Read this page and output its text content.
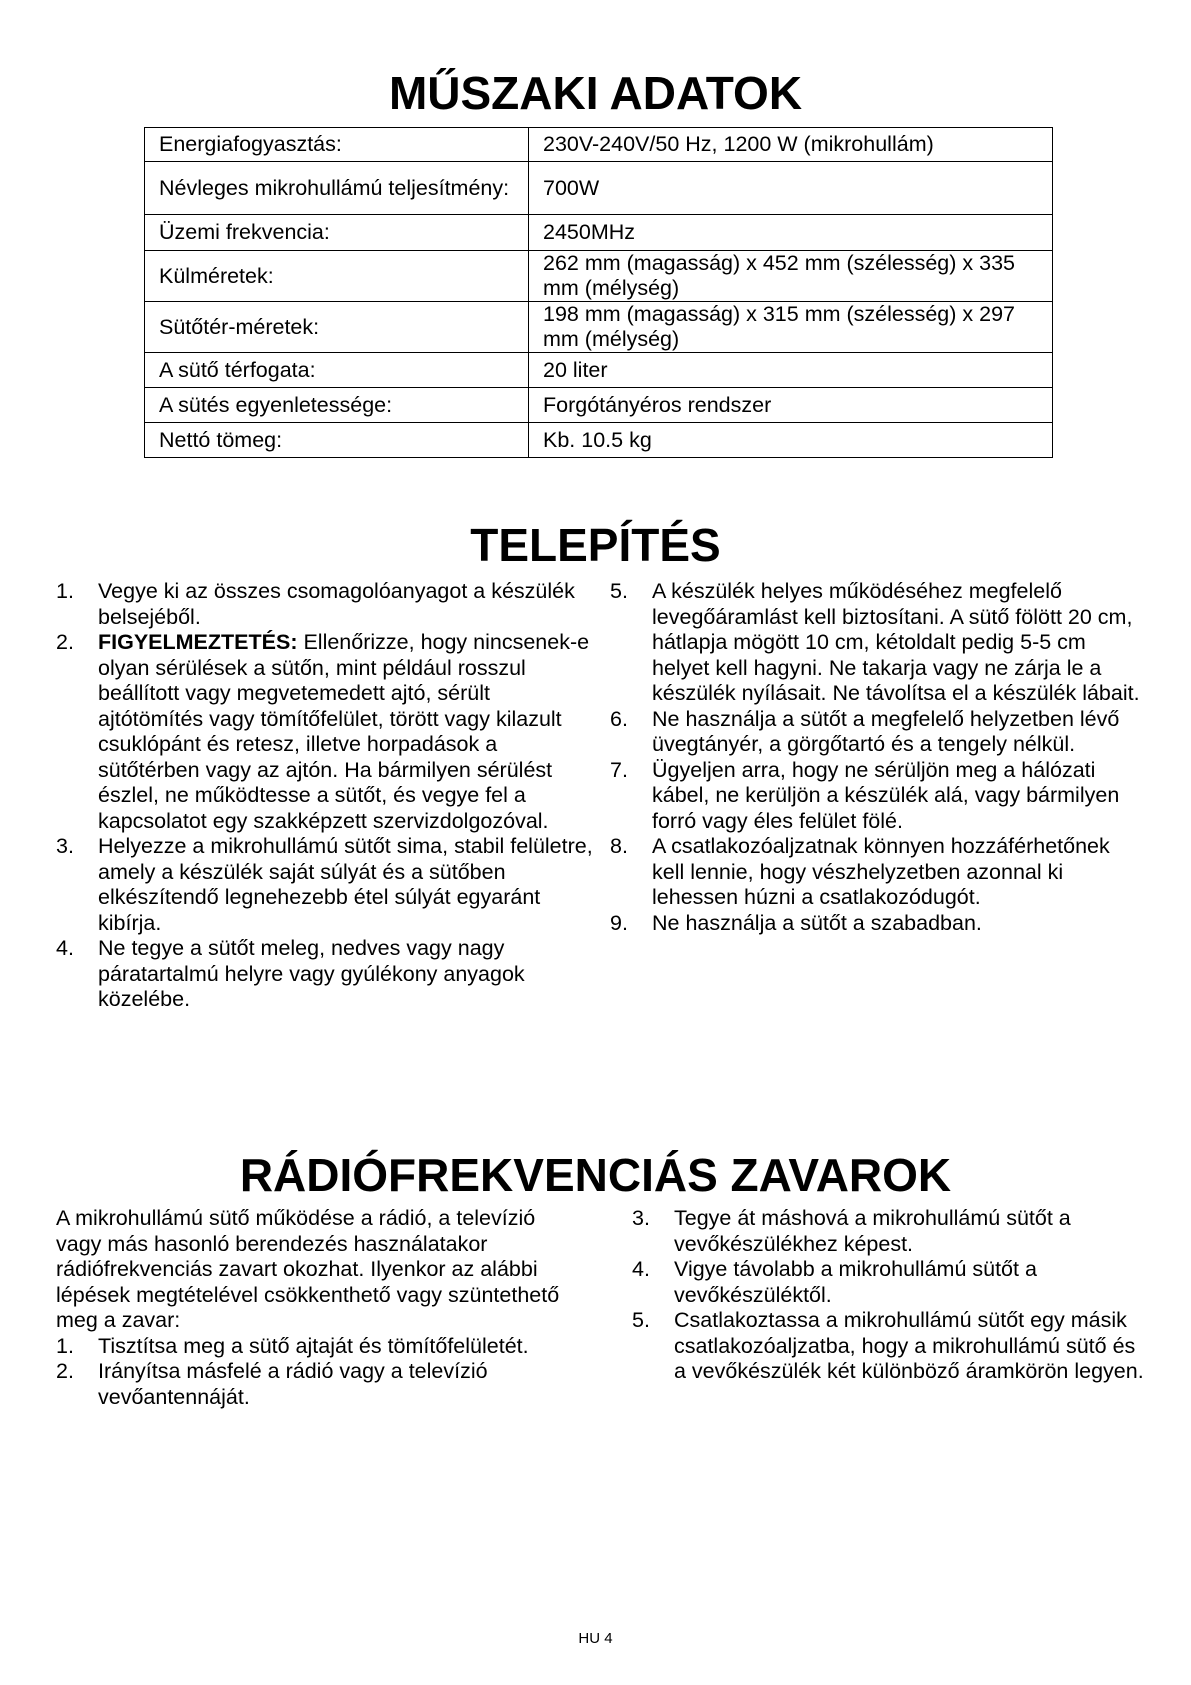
MŰSZAKI ADATOK
Energiafogyasztás:	230V-240V/50 Hz, 1200 W (mikrohullám)
Névleges mikrohullámú teljesítmény:	700W
Üzemi frekvencia:	2450MHz
Külméretek:	262 mm (magasság) x 452 mm (szélesség) x 335 mm (mélység)
Sütőtér-méretek:	198 mm (magasság) x 315 mm (szélesség) x 297 mm (mélység)
A sütő térfogata:	20 liter
A sütés egyenletessége:	Forgótányéros rendszer
Nettó tömeg:	Kb. 10.5 kg
TELEPÍTÉS
1. Vegye ki az összes csomagolóanyagot a készülék belsejéből.
2. FIGYELMEZTETÉS: Ellenőrizze, hogy nincsenek-e olyan sérülések a sütőn, mint például rosszul beállított vagy megvetemedett ajtó, sérült ajtótömítés vagy tömítőfelület, törött vagy kilazult csuklópánt és retesz, illetve horpadások a sütőtérben vagy az ajtón. Ha bármilyen sérülést észlel, ne működtesse a sütőt, és vegye fel a kapcsolatot egy szakképzett szervizdolgozóval.
3. Helyezze a mikrohullámú sütőt sima, stabil felületre, amely a készülék saját súlyát és a sütőben elkészítendő legnehezebb étel súlyát egyaránt kibírja.
4. Ne tegye a sütőt meleg, nedves vagy nagy páratartalmú helyre vagy gyúlékony anyagok közelébe.
5. A készülék helyes működéséhez megfelelő levegőáramlást kell biztosítani. A sütő fölött 20 cm, hátlapja mögött 10 cm, kétoldalt pedig 5-5 cm helyet kell hagyni. Ne takarja vagy ne zárja le a készülék nyílásait. Ne távolítsa el a készülék lábait.
6. Ne használja a sütőt a megfelelő helyzetben lévő üvegtányér, a görgőtartó és a tengely nélkül.
7. Ügyeljen arra, hogy ne sérüljön meg a hálózati kábel, ne kerüljön a készülék alá, vagy bármilyen forró vagy éles felület fölé.
8. A csatlakozóaljzatnak könnyen hozzáférhetőnek kell lennie, hogy vészhelyzetben azonnal ki lehessen húzni a csatlakozódugót.
9. Ne használja a sütőt a szabadban.
RÁDIÓFREKVENCIÁS ZAVAROK

A mikrohullámú sütő működése a rádió, a televízió vagy más hasonló berendezés használatakor rádiófrekvenciás zavart okozhat. Ilyenkor az alábbi lépések megtételével csökkenthető vagy szüntethető meg a zavar:

1. Tisztítsa meg a sütő ajtaját és tömítőfelületét.
2. Irányítsa másfelé a rádió vagy a televízió vevőantennáját.
3. Tegye át máshová a mikrohullámú sütőt a vevőkészülékhez képest.
4. Vigye távolabb a mikrohullámú sütőt a vevőkészüléktől.
5. Csatlakoztassa a mikrohullámú sütőt egy másik csatlakozóaljzatba, hogy a mikrohullámú sütő és a vevőkészülék két különböző áramkörön legyen.
HU 4
